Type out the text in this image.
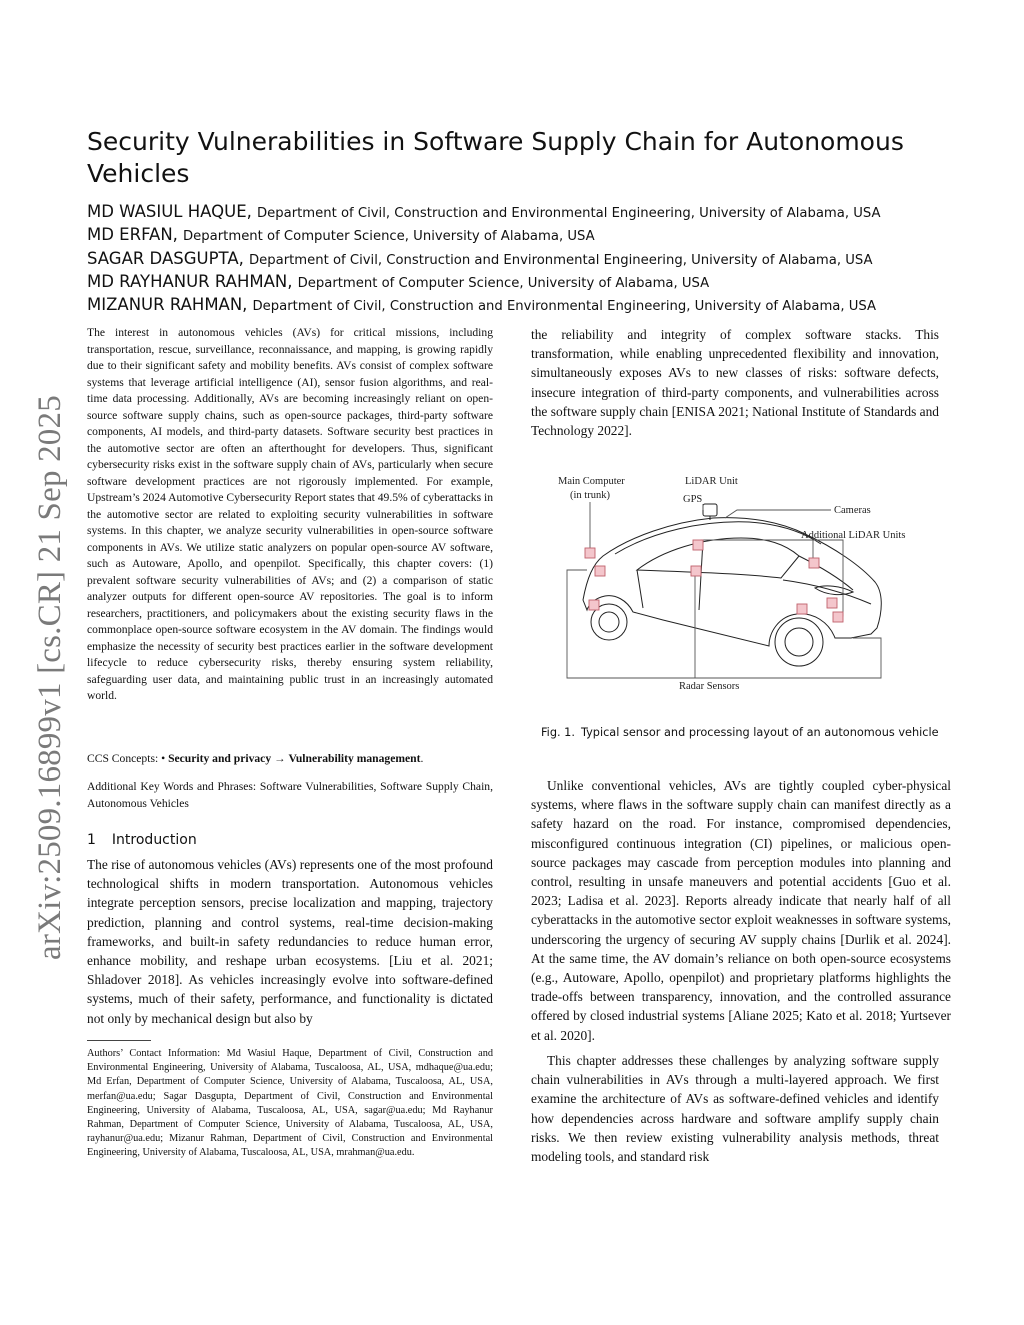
arXiv:2509.16899v1 [cs.CR] 21 Sep 2025
Security Vulnerabilities in Software Supply Chain for Autonomous Vehicles
MD WASIUL HAQUE, Department of Civil, Construction and Environmental Engineering, University of Alabama, USA
MD ERFAN, Department of Computer Science, University of Alabama, USA
SAGAR DASGUPTA, Department of Civil, Construction and Environmental Engineering, University of Alabama, USA
MD RAYHANUR RAHMAN, Department of Computer Science, University of Alabama, USA
MIZANUR RAHMAN, Department of Civil, Construction and Environmental Engineering, University of Alabama, USA

The interest in autonomous vehicles (AVs) for critical missions, including transportation, rescue, surveillance, reconnaissance, and mapping, is growing rapidly due to their significant safety and mobility benefits. AVs consist of complex software systems that leverage artificial intelligence (AI), sensor fusion algorithms, and real-time data processing. Additionally, AVs are becoming increasingly reliant on open-source software supply chains, such as open-source packages, third-party software components, AI models, and third-party datasets. Software security best practices in the automotive sector are often an afterthought for developers. Thus, significant cybersecurity risks exist in the software supply chain of AVs, particularly when secure software development practices are not rigorously implemented. For example, Upstream’s 2024 Automotive Cybersecurity Report states that 49.5% of cyberattacks in the automotive sector are related to exploiting security vulnerabilities in software systems. In this chapter, we analyze security vulnerabilities in open-source software components in AVs. We utilize static analyzers on popular open-source AV software, such as Autoware, Apollo, and openpilot. Specifically, this chapter covers: (1) prevalent software security vulnerabilities of AVs; and (2) a comparison of static analyzer outputs for different open-source AV repositories. The goal is to inform researchers, practitioners, and policymakers about the existing security flaws in the commonplace open-source software ecosystem in the AV domain. The findings would emphasize the necessity of security best practices earlier in the software development lifecycle to reduce cybersecurity risks, thereby ensuring system reliability, safeguarding user data, and maintaining public trust in an increasingly automated world.

CCS Concepts: • Security and privacy → Vulnerability management.

Additional Key Words and Phrases: Software Vulnerabilities, Software Supply Chain, Autonomous Vehicles

1 Introduction

The rise of autonomous vehicles (AVs) represents one of the most profound technological shifts in modern transportation. Autonomous vehicles integrate perception sensors, precise localization and mapping, trajectory prediction, planning and control systems, real-time decision-making frameworks, and built-in safety redundancies to reduce human error, enhance mobility, and reshape urban ecosystems. [Liu et al. 2021; Shladover 2018]. As vehicles increasingly evolve into software-defined systems, much of their safety, performance, and functionality is dictated not only by mechanical design but also by

Authors’ Contact Information: Md Wasiul Haque, Department of Civil, Construction and Environmental Engineering, University of Alabama, Tuscaloosa, AL, USA, mdhaque@ua.edu; Md Erfan, Department of Computer Science, University of Alabama, Tuscaloosa, AL, USA, merfan@ua.edu; Sagar Dasgupta, Department of Civil, Construction and Environmental Engineering, University of Alabama, Tuscaloosa, AL, USA, sagar@ua.edu; Md Rayhanur Rahman, Department of Computer Science, University of Alabama, Tuscaloosa, AL, USA, rayhanur@ua.edu; Mizanur Rahman, Department of Civil, Construction and Environmental Engineering, University of Alabama, Tuscaloosa, AL, USA, mrahman@ua.edu.

the reliability and integrity of complex software stacks. This transformation, while enabling unprecedented flexibility and innovation, simultaneously exposes AVs to new classes of risks: software defects, insecure integration of third-party components, and vulnerabilities across the software supply chain [ENISA 2021; National Institute of Standards and Technology 2022].

Main Computer
(in trunk)
LiDAR Unit
GPS
Cameras
Additional LiDAR Units
Radar Sensors

Fig. 1. Typical sensor and processing layout of an autonomous vehicle

Unlike conventional vehicles, AVs are tightly coupled cyber-physical systems, where flaws in the software supply chain can manifest directly as a safety hazard on the road. For instance, compromised dependencies, misconfigured continuous integration (CI) pipelines, or malicious open-source packages may cascade from perception modules into planning and control, resulting in unsafe maneuvers and potential accidents [Guo et al. 2023; Ladisa et al. 2023]. Reports already indicate that nearly half of all cyberattacks in the automotive sector exploit weaknesses in software systems, underscoring the urgency of securing AV supply chains [Durlik et al. 2024]. At the same time, the AV domain’s reliance on both open-source ecosystems (e.g., Autoware, Apollo, openpilot) and proprietary platforms highlights the trade-offs between transparency, innovation, and the controlled assurance offered by closed industrial systems [Aliane 2025; Kato et al. 2018; Yurtsever et al. 2020].

This chapter addresses these challenges by analyzing software supply chain vulnerabilities in AVs through a multi-layered approach. We first examine the architecture of AVs as software-defined vehicles and identify how dependencies across hardware and software amplify supply chain risks. We then review existing vulnerability analysis methods, threat modeling tools, and standard risk
